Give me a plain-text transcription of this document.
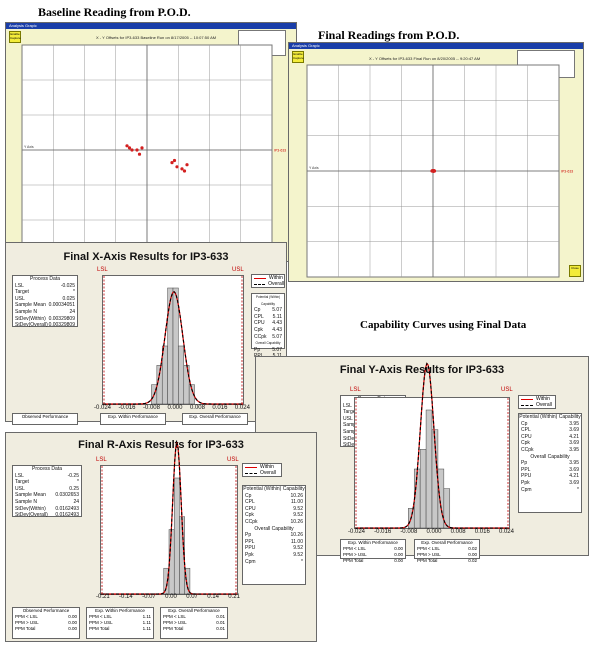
Baseline Reading from P.O.D.
Final Readings from P.O.D.
Capability Curves using Final Data
Analysis Grapic
Enable Capture	X - Y Offsets for IP3-633 Baseline Run on 8/17/2005 -- 10:07:50 AM
IP3-633
Y Axis
Analysis Grapic
Enable Capture
Close
X - Y Offsets for IP3-633 Final Run on 8/20/2005 -- 9:20:47 AM
IP3-633
Y Axis
Final X-Axis Results for IP3-633
Process Data
LSL	-0.025
Target	*
USL	0.025
Sample Mean 0.00034051
Sample N	24
StDev(Within) 0.00329809
StDev(Overall) 0.00329809
LSL	USL
Within
Overall
Potential (Within) Capability
Cp 5.07
CPL 5.11
CPU 4.43
Cpk 4.43
CCpk 5.07
Overall Capability
Pp 5.07
-0.024 -0.016 -0.008 0.000 0.008 0.016 0.024
Observed Performance	Exp. Within Performance	Exp. Overall Performance
Final Y-Axis Results for IP3-633
Process Data
LSL	-0.025
Target	*
USL	0.025
Sample Mean -0.00163724
Sample N	24
StDev(Within) 0.0022872
StDev(Overall) 0.0022872
LSL	USL
Within
Overall
Potential (Within) Capability
Cp	3.95
CPL	3.69
CPU	4.21
Cpk	3.69
CCpk	3.95
Overall Capability
Pp	3.95
PPL	3.69
PPU	4.21
Ppk	3.69
Cpm	*
-0.024 -0.016 -0.008 0.000 0.008 0.016 0.024
Exp. Within Performance
PPM < LSL	0.00
PPM > USL	0.00
PPM Total	0.00
Exp. Overall Performance
PPM < LSL	0.02
PPM > USL	0.00
PPM Total	0.02
Final R-Axis Results for IP3-633
Process Data
LSL	-0.25
Target	*
USL	0.25
Sample Mean 0.0302653
Sample N	24
StDev(Within) 0.0162493
StDev(Overall) 0.0162493
LSL	USL
Within
Overall
Potential (Within) Capability
Cp	10.26
CPL	11.00
CPU	9.52
Cpk	9.52
CCpk	10.26
Overall Capability
Pp	10.26
PPL	11.00
PPU	9.52
Ppk	9.52
Cpm	*
-0.21 -0.14 -0.07 0.00 0.07 0.14 0.21
Observed Performance
PPM < LSL	0.00
PPM > USL	0.00
PPM Total	0.00
Exp. Within Performance
PPM < LSL	1.11
PPM > USL	1.11
PPM Total	1.11
Exp. Overall Performance
PPM < LSL	0.01
PPM > USL	0.01
PPM Total	0.01
